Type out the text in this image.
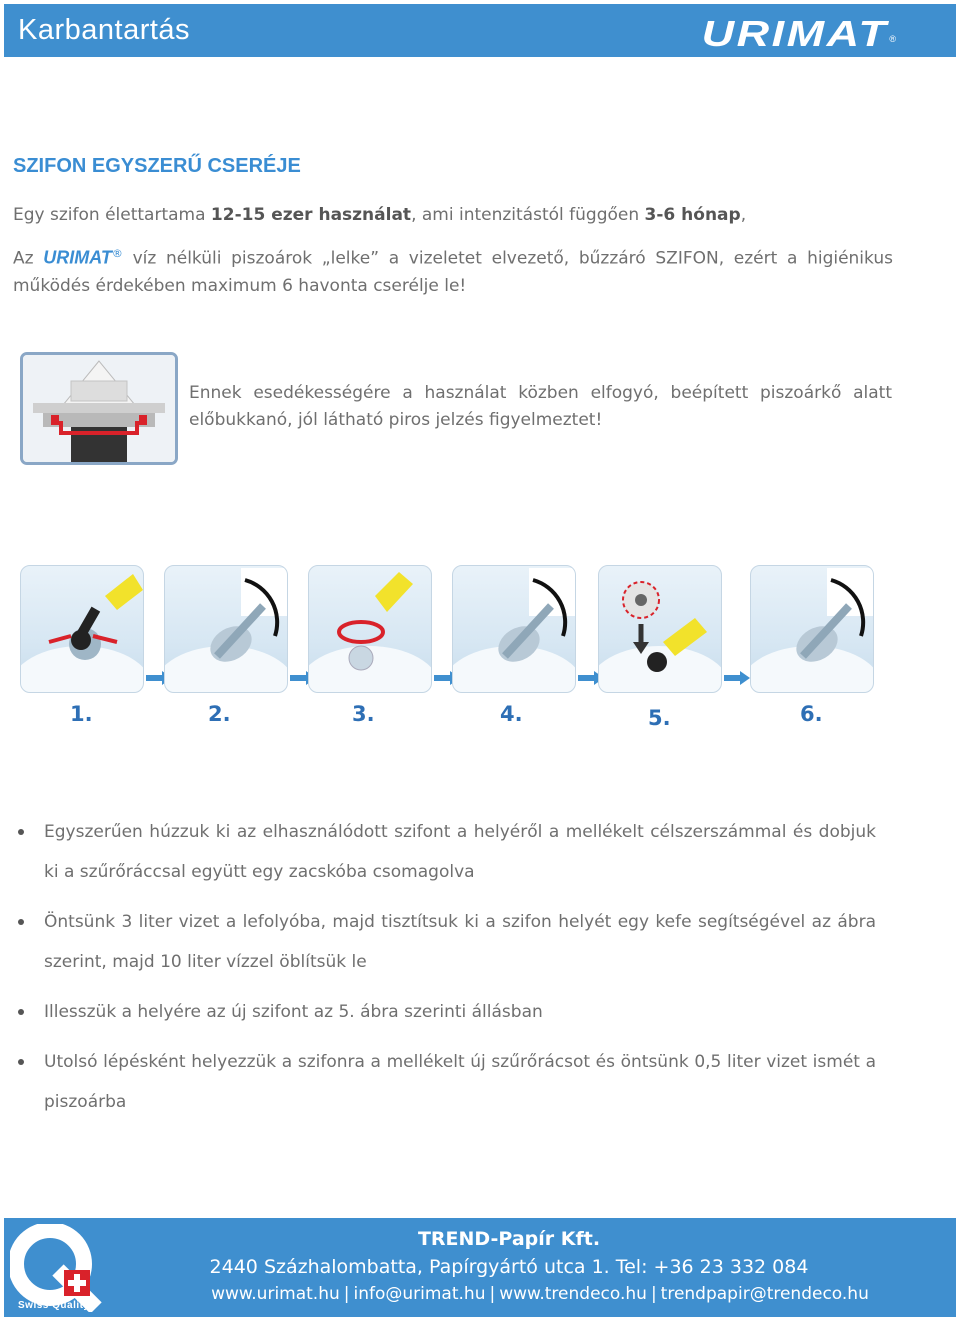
Karbantartás	URIMAT ®
SZIFON EGYSZERŰ CSERÉJE
Egy szifon élettartama 12-15 ezer használat, ami intenzitástól függően 3-6 hónap,
Az URIMAT® víz nélküli piszoárok „lelke” a vizeletet elvezető, bűzzáró SZIFON, ezért a higiénikus működés érdekében maximum 6 havonta cserélje le!
Ennek esedékességére a használat közben elfogyó, beépített piszoárkő alatt előbukkanó, jól látható piros jelzés figyelmeztet!
1.	2.	3.	4.	5.	6.
Egyszerűen húzzuk ki az elhasználódott szifont a helyéről a mellékelt célszerszámmal és dobjuk ki a szűrőráccsal együtt egy zacskóba csomagolva
Öntsünk 3 liter vizet a lefolyóba, majd tisztítsuk ki a szifon helyét egy kefe segítségével az ábra szerint, majd 10 liter vízzel öblítsük le
Illesszük a helyére az új szifont az 5. ábra szerinti állásban
Utolsó lépésként helyezzük a szifonra a mellékelt új szűrőrácsot és öntsünk 0,5 liter vizet ismét a piszoárba
Swiss Quality
TREND-Papír Kft.
2440 Százhalombatta, Papírgyártó utca 1. Tel: +36 23 332 084
www.urimat.hu | info@urimat.hu | www.trendeco.hu | trendpapir@trendeco.hu
